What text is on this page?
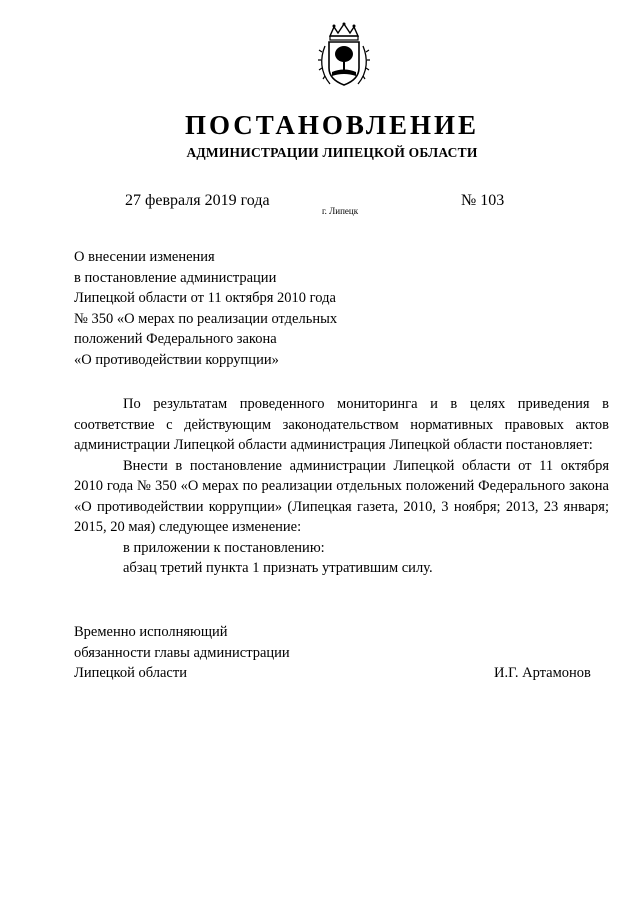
ПОСТАНОВЛЕНИЕ
АДМИНИСТРАЦИИ ЛИПЕЦКОЙ ОБЛАСТИ
27 февраля 2019 года
г. Липецк
№ 103
О внесении изменения
в постановление администрации
Липецкой области от 11 октября 2010 года
№ 350 «О мерах по реализации отдельных
положений Федерального закона
«О противодействии коррупции»

По результатам проведенного мониторинга и в целях приведения в соответствие с действующим законодательством нормативных правовых актов администрации Липецкой области администрация Липецкой области постановляет:

Внести в постановление администрации Липецкой области от 11 октября 2010 года № 350 «О мерах по реализации отдельных положений Федерального закона «О противодействии коррупции» (Липецкая газета, 2010, 3 ноября; 2013, 23 января; 2015, 20 мая) следующее изменение:

в приложении к постановлению:

абзац третий пункта 1 признать утратившим силу.

Временно исполняющий
обязанности главы администрации
Липецкой области	И.Г. Артамонов
